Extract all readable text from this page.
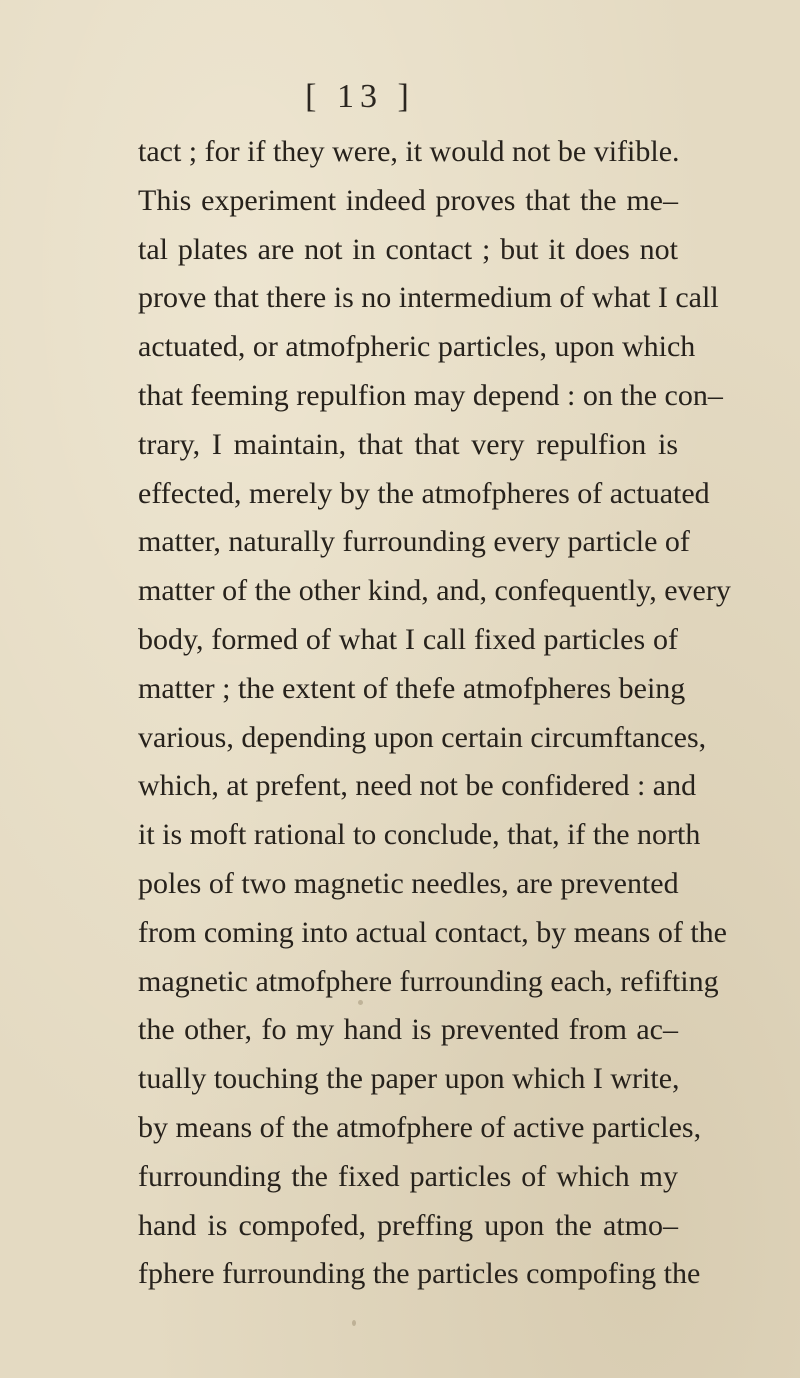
[ 13 ]
tact ; for if they were, it would not be vifible.
This experiment indeed proves that the me–
tal plates are not in contact ; but it does not
prove that there is no intermedium of what I call
actuated, or atmofpheric particles, upon which
that feeming repulfion may depend : on the con–
trary, I maintain, that that very repulfion is
effected, merely by the atmofpheres of actuated
matter, naturally furrounding every particle of
matter of the other kind, and, confequently, every
body, formed of what I call fixed particles of
matter ; the extent of thefe atmofpheres being
various, depending upon certain circumftances,
which, at prefent, need not be confidered : and
it is moft rational to conclude, that, if the north
poles of two magnetic needles, are prevented
from coming into actual contact, by means of the
magnetic atmofphere furrounding each, refifting
the other, fo my hand is prevented from ac–
tually touching the paper upon which I write,
by means of the atmofphere of active particles,
furrounding the fixed particles of which my
hand is compofed, preffing upon the atmo–
fphere furrounding the particles compofing the
